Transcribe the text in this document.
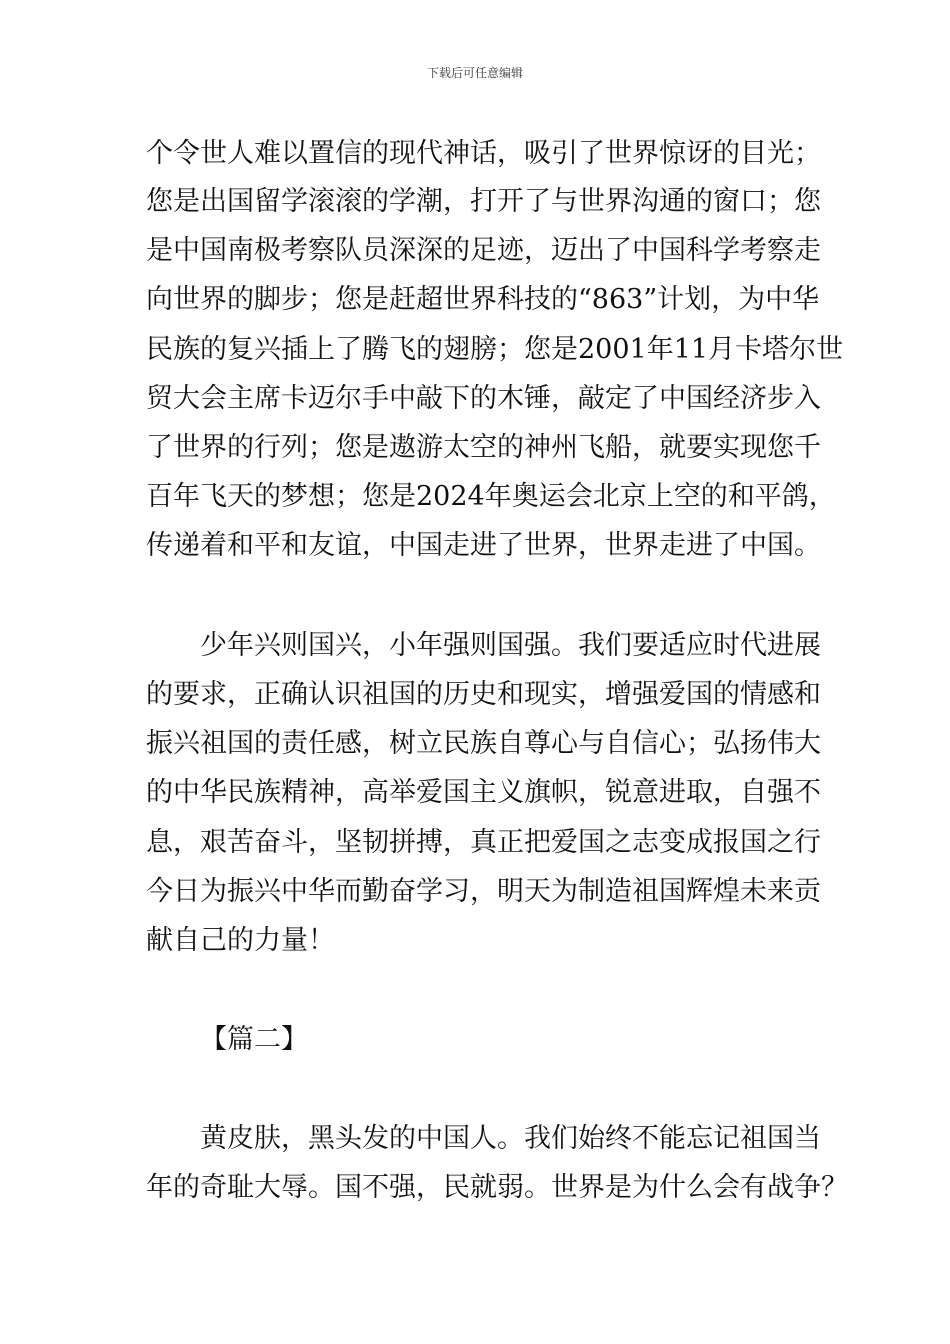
下载后可任意编辑
个令世人难以置信的现代神话，吸引了世界惊讶的目光；
您是出国留学滚滚的学潮，打开了与世界沟通的窗口；您
是中国南极考察队员深深的足迹，迈出了中国科学考察走
向世界的脚步；您是赶超世界科技的“863”计划，为中华
民族的复兴插上了腾飞的翅膀；您是2001年11月卡塔尔世
贸大会主席卡迈尔手中敲下的木锤，敲定了中国经济步入
了世界的行列；您是遨游太空的神州飞船，就要实现您千
百年飞天的梦想；您是2024年奥运会北京上空的和平鸽，
传递着和平和友谊，中国走进了世界，世界走进了中国。
少年兴则国兴，小年强则国强。我们要适应时代进展
的要求，正确认识祖国的历史和现实，增强爱国的情感和
振兴祖国的责任感，树立民族自尊心与自信心；弘扬伟大
的中华民族精神，高举爱国主义旗帜，锐意进取，自强不
息，艰苦奋斗，坚韧拼搏，真正把爱国之志变成报国之行
今日为振兴中华而勤奋学习，明天为制造祖国辉煌未来贡
献自己的力量！
【篇二】
黄皮肤，黑头发的中国人。我们始终不能忘记祖国当
年的奇耻大辱。国不强，民就弱。世界是为什么会有战争？
